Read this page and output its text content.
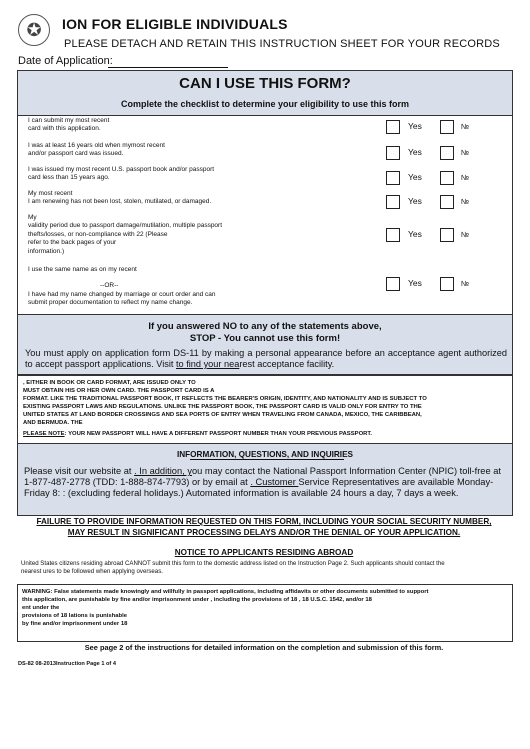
✪	ION FOR ELIGIBLE INDIVIDUALS
PLEASE DETACH AND RETAIN THIS INSTRUCTION SHEET FOR YOUR RECORDS
Date of Application:
CAN I USE THIS FORM?
Complete the checklist to determine your eligibility to use this form
I can submit my most recent
card with this application.	Yes	№
I was at least 16 years old when mymost recent
and/or passport card was issued.	Yes	№
I was issued my most recent U.S. passport book and/or passport
card less than 15 years ago.	Yes	№
My most recent
I am renewing has not been lost, stolen, mutilated, or damaged.	Yes	№
My
validity period due to passport damage/mutilation, multiple passport
thefts/losses, or non-compliance with 22 (Please
refer to the back pages of your
information.)
Yes	№
I use the same name as on my recent
--OR--
I have had my name changed by marriage or court order and can
submit proper documentation to reflect my name change.
Yes	№
If you answered NO to any of the statements above,
STOP - You cannot use this form!
You must apply on application form DS-11 by making a personal appearance before an acceptance agent authorized to accept passport applications. Visit to find your nearest acceptance facility.

, EITHER IN BOOK OR CARD FORMAT, ARE ISSUED ONLY TO

MUST OBTAIN HIS OR HER OWN CARD. THE PASSPORT CARD IS A

FORMAT. LIKE THE TRADITIONAL PASSPORT BOOK, IT REFLECTS THE BEARER'S ORIGIN, IDENTITY, AND NATIONALITY AND IS SUBJECT TO

EXISTING PASSPORT LAWS AND REGULATIONS. UNLIKE THE PASSPORT BOOK, THE PASSPORT CARD IS VALID ONLY FOR ENTRY TO THE

UNITED STATES AT LAND BORDER CROSSINGS AND SEA PORTS OF ENTRY WHEN TRAVELING FROM CANADA, MEXICO, THE CARIBBEAN,

AND BERMUDA. THE

PLEASE NOTE: YOUR NEW PASSPORT WILL HAVE A DIFFERENT PASSPORT NUMBER THAN YOUR PREVIOUS PASSPORT.

INFORMATION, QUESTIONS, AND INQUIRIES
Please visit our website at . In addition, you may contact the National Passport Information Center (NPIC) toll-free at 1-877-487-2778 (TDD: 1-888-874-7793) or by email at . Customer Service Representatives are available Monday-Friday 8: : (excluding federal holidays.) Automated information is available 24 hours a day, 7 days a week.
FAILURE TO PROVIDE INFORMATION REQUESTED ON THIS FORM, INCLUDING YOUR SOCIAL SECURITY NUMBER,
MAY RESULT IN SIGNIFICANT PROCESSING DELAYS AND/OR THE DENIAL OF YOUR APPLICATION.
NOTICE TO APPLICANTS RESIDING ABROAD
United States citizens residing abroad CANNOT submit this form to the domestic address listed on the Instruction Page 2. Such applicants should contact the
nearest ures to be followed when applying overseas.

WARNING: False statements made knowingly and willfully in passport applications, including affidavits or other documents submitted to support

this application, are punishable by fine and/or imprisonment under , including the provisions of 18 , 18 U.S.C. 1542, and/or 18

ent under the

provisions of 18 lations is punishable

by fine and/or imprisonment under 18

See page 2 of the instructions for detailed information on the completion and submission of this form.
DS-82 08-2013Instruction Page 1 of 4
